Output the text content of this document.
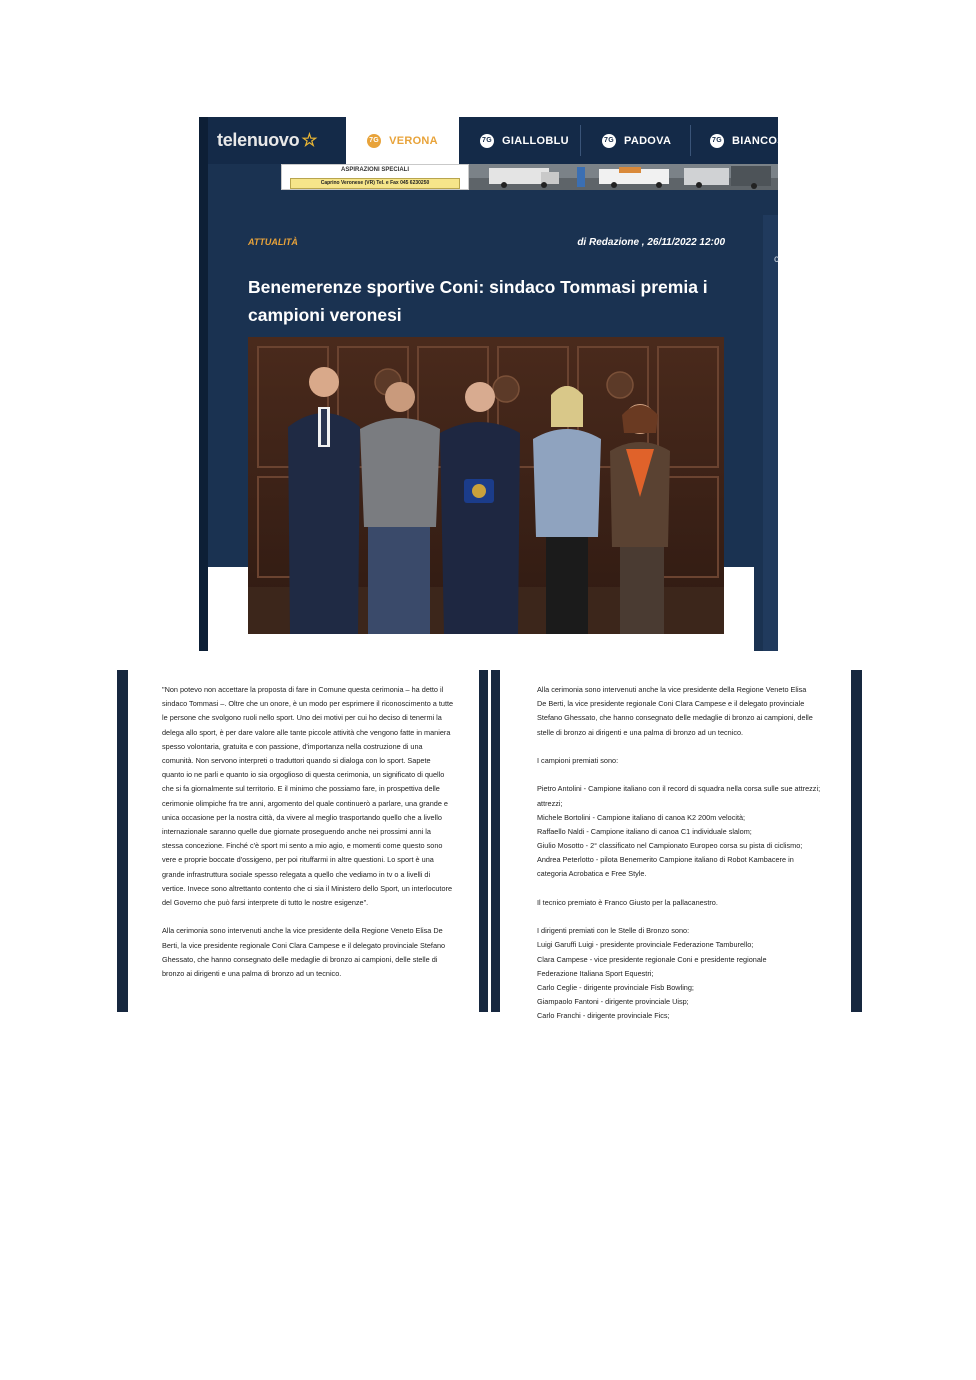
telenuovo ☆	7G VERONA	7G GIALLOBLU	7G PADOVA	7G BIANCOS
ASPIRAZIONI SPECIALI
Caprino Veronese (VR) Tel. e Fax 045 6230250
c
ATTUALITÀ	di Redazione , 26/11/2022 12:00
Benemerenze sportive Coni: sindaco Tommasi premia i campioni veronesi

"Non potevo non accettare la proposta di fare in Comune questa cerimonia – ha detto il sindaco Tommasi –. Oltre che un onore, è un modo per esprimere il riconoscimento a tutte le persone che svolgono ruoli nello sport. Uno dei motivi per cui ho deciso di tenermi la delega allo sport, è per dare valore alle tante piccole attività che vengono fatte in maniera spesso volontaria, gratuita e con passione, d'importanza nella costruzione di una comunità. Non servono interpreti o traduttori quando si dialoga con lo sport. Sapete quanto io ne parli e quanto io sia orgoglioso di questa cerimonia, un significato di quello che si fa giornalmente sul territorio. E il minimo che possiamo fare, in prospettiva delle cerimonie olimpiche fra tre anni, argomento del quale continuerò a parlare, una grande e unica occasione per la nostra città, da vivere al meglio trasportando quello che a livello internazionale saranno quelle due giornate proseguendo anche nei prossimi anni la stessa concezione. Finché c'è sport mi sento a mio agio, e momenti come questo sono vere e proprie boccate d'ossigeno, per poi rituffarmi in altre questioni. Lo sport è una grande infrastruttura sociale spesso relegata a quello che vediamo in tv o a livelli di vertice. Invece sono altrettanto contento che ci sia il Ministero dello Sport, un interlocutore del Governo che può farsi interprete di tutto le nostre esigenze".

Alla cerimonia sono intervenuti anche la vice presidente della Regione Veneto Elisa De Berti, la vice presidente regionale Coni Clara Campese e il delegato provinciale Stefano Ghessato, che hanno consegnato delle medaglie di bronzo ai campioni, delle stelle di bronzo ai dirigenti e una palma di bronzo ad un tecnico.

Alla cerimonia sono intervenuti anche la vice presidente della Regione Veneto Elisa

De Berti, la vice presidente regionale Coni Clara Campese e il delegato provinciale

Stefano Ghessato, che hanno consegnato delle medaglie di bronzo ai campioni, delle

stelle di bronzo ai dirigenti e una palma di bronzo ad un tecnico.

I campioni premiati sono:

Pietro Antolini - Campione italiano con il record di squadra nella corsa sulle sue attrezzi;

attrezzi;

Michele Bortolini - Campione italiano di canoa K2 200m velocità;

Raffaello Naldi - Campione italiano di canoa C1 individuale slalom;

Giulio Mosotto - 2° classificato nel Campionato Europeo corsa su pista di ciclismo;

Andrea Peterlotto - pilota Benemerito Campione italiano di Robot Kambacere in

categoria Acrobatica e Free Style.

Il tecnico premiato è Franco Giusto per la pallacanestro.

I dirigenti premiati con le Stelle di Bronzo sono:

Luigi Garuffi Luigi - presidente provinciale Federazione Tamburello;

Clara Campese - vice presidente regionale Coni e presidente regionale

Federazione Italiana Sport Equestri;

Carlo Ceglie - dirigente provinciale Fisb Bowling;

Giampaolo Fantoni - dirigente provinciale Uisp;

Carlo Franchi - dirigente provinciale Fics;
